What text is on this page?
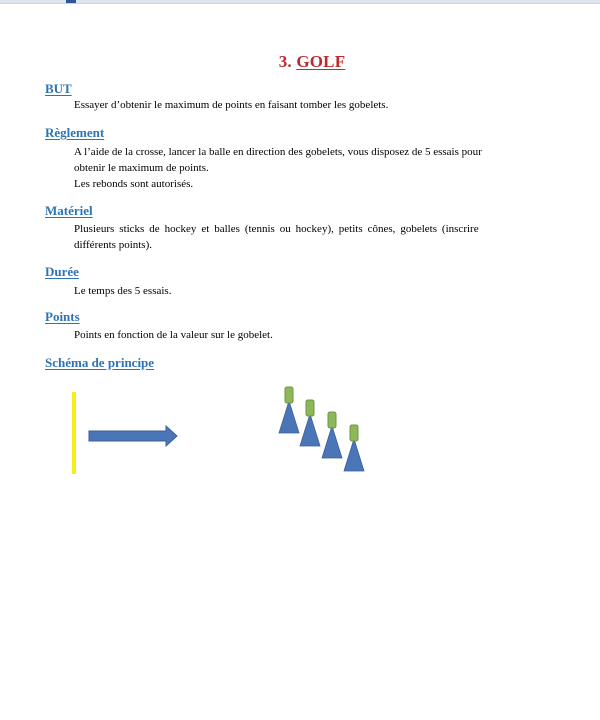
3. GOLF
BUT
Essayer d’obtenir le maximum de points en faisant tomber les gobelets.
Règlement
A l’aide de la crosse, lancer la balle en direction des gobelets, vous disposez de 5 essais pour
obtenir le maximum de points.
Les rebonds sont autorisés.
Matériel
Plusieurs sticks de hockey et balles (tennis ou hockey), petits cônes, gobelets (inscrire
différents points).
Durée
Le temps des 5 essais.
Points
Points en fonction de la valeur sur le gobelet.
Schéma de principe
